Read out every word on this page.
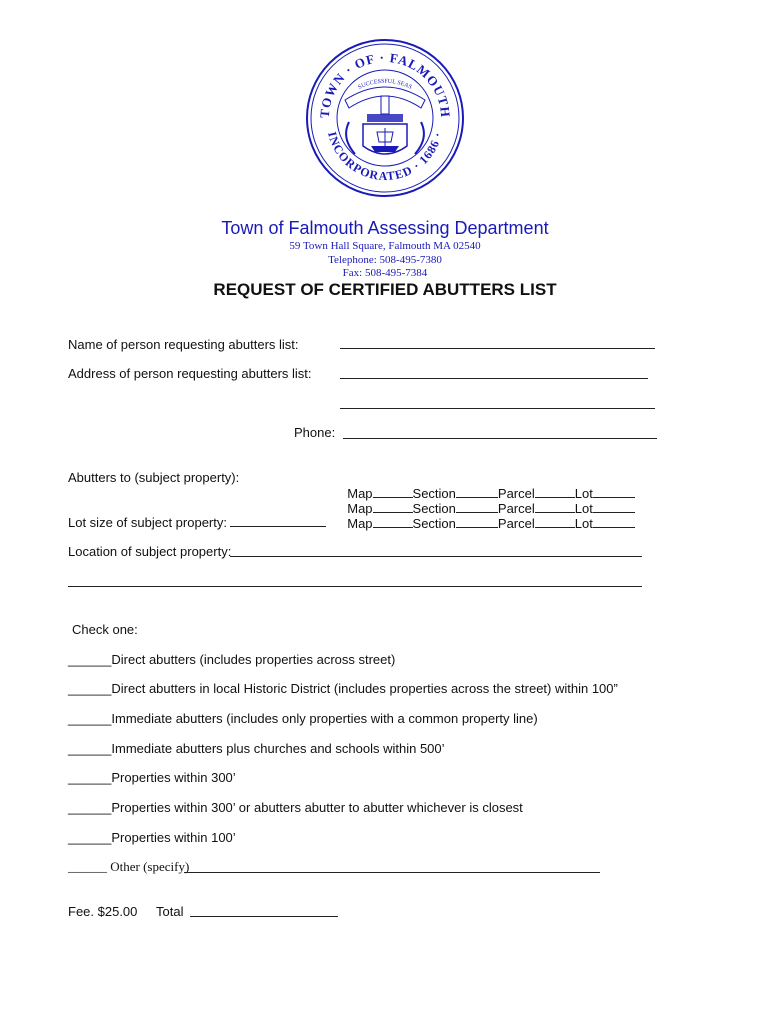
TOWN · OF · FALMOUTH
INCORPORATED · 1686 ·
SUCCESSFUL SEAS
Town of Falmouth Assessing Department
59 Town Hall Square, Falmouth MA 02540
Telephone: 508-495-7380
Fax: 508-495-7384
REQUEST OF CERTIFIED ABUTTERS LIST
Name of person requesting abutters list:
Address of person requesting abutters list:
Phone:
Abutters to (subject property):

Map	Section	Parcel	Lot

Map	Section	Parcel	Lot

Map	Section	Parcel	Lot

Lot size of subject property:
Location of subject property:
Check one:
______Direct abutters (includes properties across street)
______Direct abutters in local Historic District (includes properties across the street) within 100”
______Immediate abutters (includes only properties with a common property line)
______Immediate abutters plus churches and schools within 500’
______Properties within 300’
______Properties within 300’ or abutters abutter to abutter whichever is closest
______Properties within 100’
______ Other (specify)
Fee. $25.00 Total
